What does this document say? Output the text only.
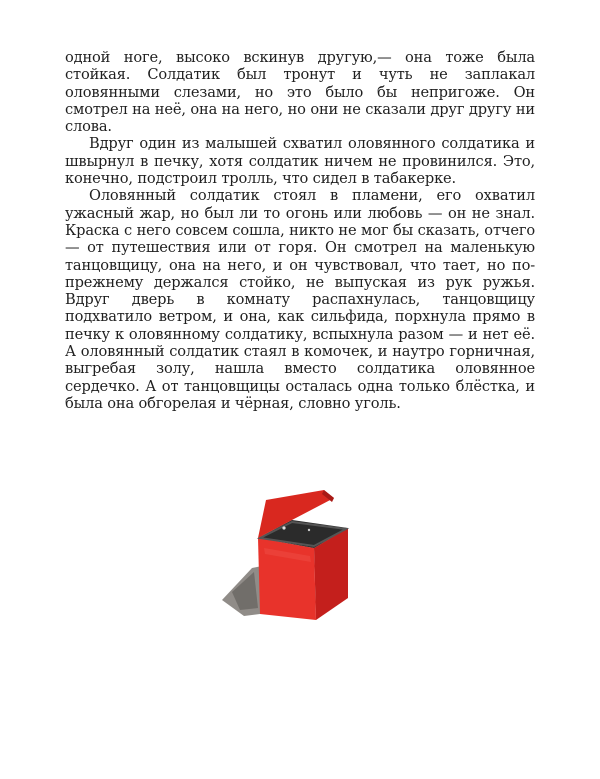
одной ноге, высоко вскинув другую,— она тоже была стойкая. Солдатик был тронут и чуть не заплакал оловянными слезами, но это было бы непригоже. Он смотрел на неё, она на него, но они не сказали друг другу ни слова.

Вдруг один из малышей схватил оловянного солдатика и швырнул в печку, хотя солдатик ничем не провинился. Это, конечно, подстроил тролль, что сидел в табакерке.

Оловянный солдатик стоял в пламени, его охватил ужасный жар, но был ли то огонь или любовь — он не знал. Краска с него совсем сошла, никто не мог бы сказать, отчего — от путешествия или от горя. Он смотрел на маленькую танцовщицу, она на него, и он чувствовал, что тает, но по-прежнему держался стойко, не выпуская из рук ружья. Вдруг дверь в комнату распахнулась, танцовщицу подхватило ветром, и она, как сильфида, порхнула прямо в печку к оловянному солдатику, вспыхнула разом — и нет её. А оловянный солдатик стаял в комочек, и наутро горничная, выгребая золу, нашла вместо солдатика оловянное сердечко. А от танцовщицы осталась одна только блёстка, и была она обгорелая и чёрная, словно уголь.
